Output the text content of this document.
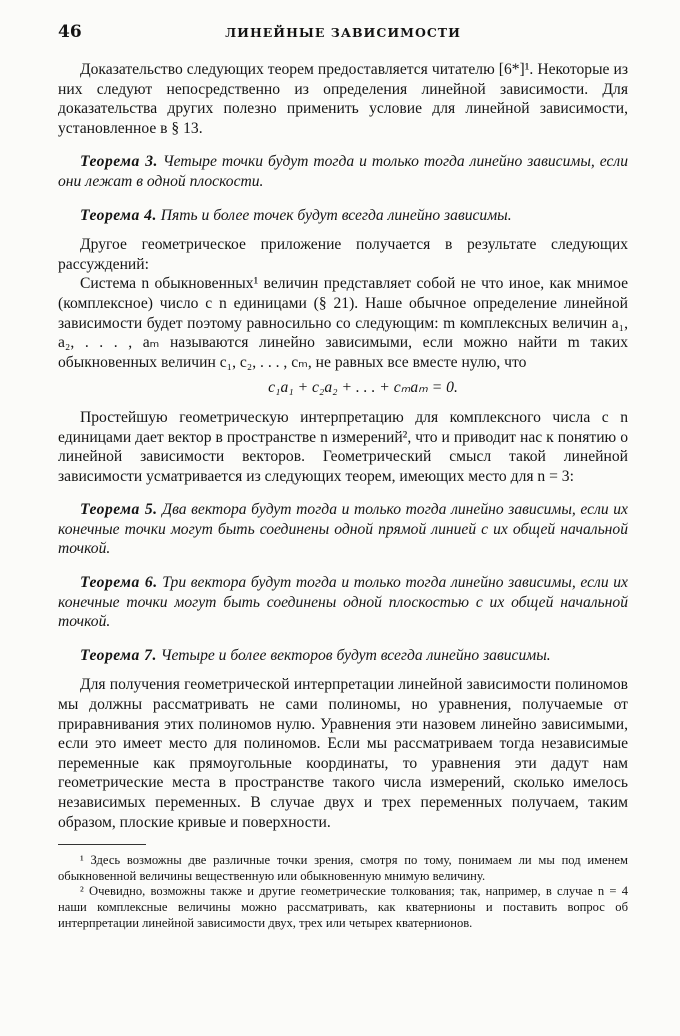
46	ЛИНЕЙНЫЕ ЗАВИСИМОСТИ

Доказательство следующих теорем предоставляется читателю [6*]¹. Некоторые из них следуют непосредственно из определения линейной зависимости. Для доказательства других полезно применить условие для линейной зависимости, установленное в § 13.

Теорема 3. Четыре точки будут тогда и только тогда линейно зависимы, если они лежат в одной плоскости.

Теорема 4. Пять и более точек будут всегда линейно зависимы.

Другое геометрическое приложение получается в результате следующих рассуждений:

Система n обыкновенных¹ величин представляет собой не что иное, как мнимое (комплексное) число с n единицами (§ 21). Наше обычное определение линейной зависимости будет поэтому равносильно со следующим: m комплексных величин a₁, a₂, . . . , aₘ называются линейно зависимыми, если можно найти m таких обыкновенных величин c₁, c₂, . . . , cₘ, не равных все вместе нулю, что

c₁a₁ + c₂a₂ + . . . + cₘaₘ = 0.

Простейшую геометрическую интерпретацию для комплексного числа с n единицами дает вектор в пространстве n измерений², что и приводит нас к понятию о линейной зависимости векторов. Геометрический смысл такой линейной зависимости усматривается из следующих теорем, имеющих место для n = 3:

Теорема 5. Два вектора будут тогда и только тогда линейно зависимы, если их конечные точки могут быть соединены одной прямой линией с их общей начальной точкой.

Теорема 6. Три вектора будут тогда и только тогда линейно зависимы, если их конечные точки могут быть соединены одной плоскостью с их общей начальной точкой.

Теорема 7. Четыре и более векторов будут всегда линейно зависимы.

Для получения геометрической интерпретации линейной зависимости полиномов мы должны рассматривать не сами полиномы, но уравнения, получаемые от приравнивания этих полиномов нулю. Уравнения эти назовем линейно зависимыми, если это имеет место для полиномов. Если мы рассматриваем тогда независимые переменные как прямоугольные координаты, то уравнения эти дадут нам геометрические места в пространстве такого числа измерений, сколько имелось независимых переменных. В случае двух и трех переменных получаем, таким образом, плоские кривые и поверхности.

¹ Здесь возможны две различные точки зрения, смотря по тому, понимаем ли мы под именем обыкновенной величины вещественную или обыкновенную мнимую величину.

² Очевидно, возможны также и другие геометрические толкования; так, например, в случае n = 4 наши комплексные величины можно рассматривать, как кватернионы и поставить вопрос об интерпретации линейной зависимости двух, трех или четырех кватернионов.
